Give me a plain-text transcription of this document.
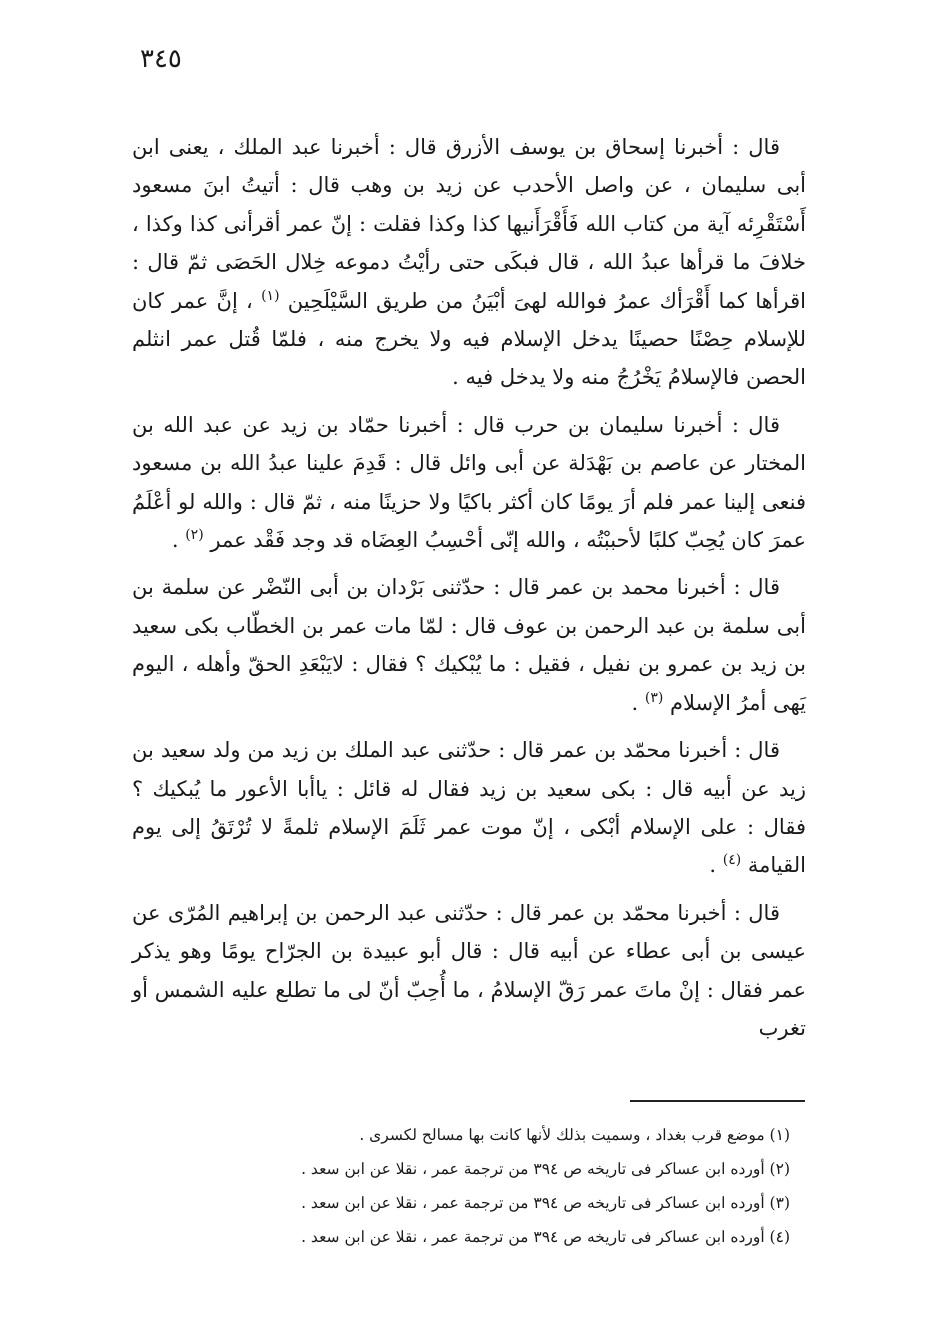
٣٤٥

قال : أخبرنا إسحاق بن يوسف الأزرق قال : أخبرنا عبد الملك ، يعنى ابن أبى سليمان ، عن واصل الأحدب عن زيد بن وهب قال : أتيتُ ابنَ مسعود أَسْتَقْرِئه آية من كتاب الله فَأَقْرَأَنيها كذا وكذا فقلت : إنّ عمر أقرأنى كذا وكذا ، خلافَ ما قرأها عبدُ الله ، قال فبكَى حتى رأيْتُ دموعه خِلال الحَصَى ثمّ قال : اقرأها كما أَقْرَأك عمرُ فوالله لهىَ أبْيَنُ من طريق السَّيْلَحِين $^{(١)}$ ، إنَّ عمر كان للإسلام حِصْنًا حصينًا يدخل الإسلام فيه ولا يخرج منه ، فلمّا قُتل عمر انثلم الحصن فالإسلامُ يَخْرُجُ منه ولا يدخل فيه .

قال : أخبرنا سليمان بن حرب قال : أخبرنا حمّاد بن زيد عن عبد الله بن المختار عن عاصم بن بَهْدَلة عن أبى وائل قال : قَدِمَ علينا عبدُ الله بن مسعود فنعى إلينا عمر فلم أرَ يومًا كان أكثر باكيًا ولا حزينًا منه ، ثمّ قال : والله لو أعْلَمُ عمرَ كان يُحِبّ كلبًا لأحببْتُه ، والله إنّى أحْسِبُ العِضَاه قد وجد فَقْد عمر $^{(٢)}$ .

قال : أخبرنا محمد بن عمر قال : حدّثنى بَرْدان بن أبى النّضْر عن سلمة بن أبى سلمة بن عبد الرحمن بن عوف قال : لمّا مات عمر بن الخطّاب بكى سعيد بن زيد بن عمرو بن نفيل ، فقيل : ما يُبْكيك ؟ فقال : لايَبْعَدِ الحقّ وأهله ، اليوم يَهى أمرُ الإسلام $^{(٣)}$ .

قال : أخبرنا محمّد بن عمر قال : حدّثنى عبد الملك بن زيد من ولد سعيد بن زيد عن أبيه قال : بكى سعيد بن زيد فقال له قائل : ياأبا الأعور ما يُبكيك ؟ فقال : على الإسلام أبْكى ، إنّ موت عمر ثَلَمَ الإسلام ثلمةً لا تُرْتَقُ إلى يوم القيامة $^{(٤)}$ .

قال : أخبرنا محمّد بن عمر قال : حدّثنى عبد الرحمن بن إبراهيم المُرّى عن عيسى بن أبى عطاء عن أبيه قال : قال أبو عبيدة بن الجرّاح يومًا وهو يذكر عمر فقال : إنْ ماتَ عمر رَقّ الإسلامُ ، ما أُحِبّ أنّ لى ما تطلع عليه الشمس أو تغرب

(١) موضع قرب بغداد ، وسميت بذلك لأنها كانت بها مسالح لكسرى .
(٢) أورده ابن عساكر فى تاريخه ص ٣٩٤ من ترجمة عمر ، نقلا عن ابن سعد .
(٣) أورده ابن عساكر فى تاريخه ص ٣٩٤ من ترجمة عمر ، نقلا عن ابن سعد .
(٤) أورده ابن عساكر فى تاريخه ص ٣٩٤ من ترجمة عمر ، نقلا عن ابن سعد .
